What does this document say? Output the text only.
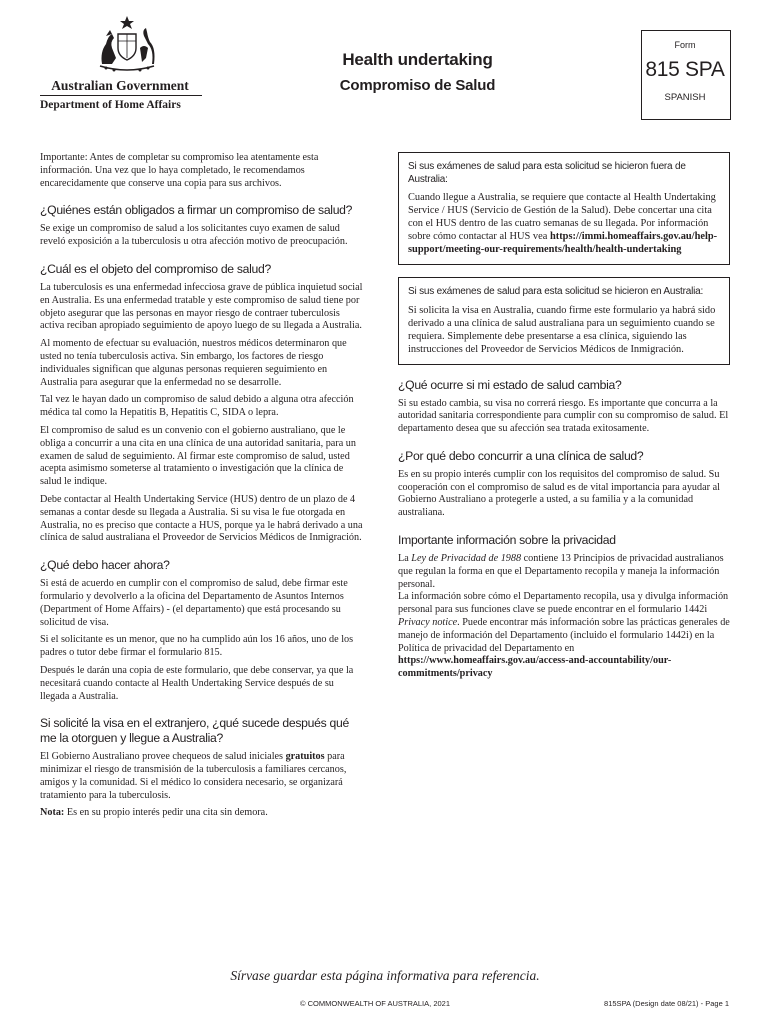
Australian Government
Department of Home Affairs
Health undertaking
Compromiso de Salud
Form
815 SPA
SPANISH

Importante: Antes de completar su compromiso lea atentamente esta información. Una vez que lo haya completado, le recomendamos encarecidamente que conserve una copia para sus archivos.

¿Quiénes están obligados a firmar un compromiso de salud?

Se exige un compromiso de salud a los solicitantes cuyo examen de salud reveló exposición a la tuberculosis u otra afección motivo de preocupación.

¿Cuál es el objeto del compromiso de salud?

La tuberculosis es una enfermedad infecciosa grave de pública inquietud social en Australia. Es una enfermedad tratable y este compromiso de salud tiene por objeto asegurar que las personas en mayor riesgo de contraer tuberculosis activa reciban apropiado seguimiento de apoyo luego de su llegada a Australia.

Al momento de efectuar su evaluación, nuestros médicos determinaron que usted no tenía tuberculosis activa. Sin embargo, los factores de riesgo individuales significan que algunas personas requieren seguimiento en Australia para asegurar que la enfermedad no se desarrolle.

Tal vez le hayan dado un compromiso de salud debido a alguna otra afección médica tal como la Hepatitis B, Hepatitis C, SIDA o lepra.

El compromiso de salud es un convenio con el gobierno australiano, que le obliga a concurrir a una cita en una clínica de una autoridad sanitaria, para un examen de salud de seguimiento. Al firmar este compromiso de salud, usted acepta asimismo someterse al tratamiento o investigación que la clínica de salud le indique.

Debe contactar al Health Undertaking Service (HUS) dentro de un plazo de 4 semanas a contar desde su llegada a Australia. Si su visa le fue otorgada en Australia, no es preciso que contacte a HUS, porque ya le habrá derivado a una clínica de salud australiana el Proveedor de Servicios Médicos de Inmigración.

¿Qué debo hacer ahora?

Si está de acuerdo en cumplir con el compromiso de salud, debe firmar este formulario y devolverlo a la oficina del Departamento de Asuntos Internos (Department of Home Affairs) - (el departamento) que está procesando su solicitud de visa.

Si el solicitante es un menor, que no ha cumplido aún los 16 años, uno de los padres o tutor debe firmar el formulario 815.

Después le darán una copia de este formulario, que debe conservar, ya que la necesitará cuando contacte al Health Undertaking Service después de su llegada a Australia.

Si solicité la visa en el extranjero, ¿qué sucede después qué me la otorguen y llegue a Australia?

El Gobierno Australiano provee chequeos de salud iniciales gratuitos para minimizar el riesgo de transmisión de la tuberculosis a familiares cercanos, amigos y la comunidad. Si el médico lo considera necesario, se organizará tratamiento para la tuberculosis.

Nota: Es en su propio interés pedir una cita sin demora.

Si sus exámenes de salud para esta solicitud se hicieron fuera de Australia:

Cuando llegue a Australia, se requiere que contacte al Health Undertaking Service / HUS (Servicio de Gestión de la Salud). Debe concertar una cita con el HUS dentro de las cuatro semanas de su llegada. Por información sobre cómo contactar al HUS vea https://immi.homeaffairs.gov.au/help-support/meeting-our-requirements/health/health-undertaking

Si sus exámenes de salud para esta solicitud se hicieron en Australia:

Si solicita la visa en Australia, cuando firme este formulario ya habrá sido derivado a una clínica de salud australiana para un seguimiento cuando se requiera. Simplemente debe presentarse a esa clínica, siguiendo las instrucciones del Proveedor de Servicios Médicos de Inmigración.

¿Qué ocurre si mi estado de salud cambia?

Si su estado cambia, su visa no correrá riesgo. Es importante que concurra a la autoridad sanitaria correspondiente para cumplir con su compromiso de salud. El departamento desea que su afección sea tratada exitosamente.

¿Por qué debo concurrir a una clínica de salud?

Es en su propio interés cumplir con los requisitos del compromiso de salud. Su cooperación con el compromiso de salud es de vital importancia para ayudar al Gobierno Australiano a protegerle a usted, a su familia y a la comunidad australiana.

Importante información sobre la privacidad

La Ley de Privacidad de 1988 contiene 13 Principios de privacidad australianos que regulan la forma en que el Departamento recopila y maneja la información personal.

La información sobre cómo el Departamento recopila, usa y divulga información personal para sus funciones clave se puede encontrar en el formulario 1442i Privacy notice. Puede encontrar más información sobre las prácticas generales de manejo de información del Departamento (incluido el formulario 1442i) en la Política de privacidad del Departamento en https://www.homeaffairs.gov.au/access-and-accountability/our-commitments/privacy

Sírvase guardar esta página informativa para referencia.
© COMMONWEALTH OF AUSTRALIA, 2021	815SPA (Design date 08/21) - Page 1
